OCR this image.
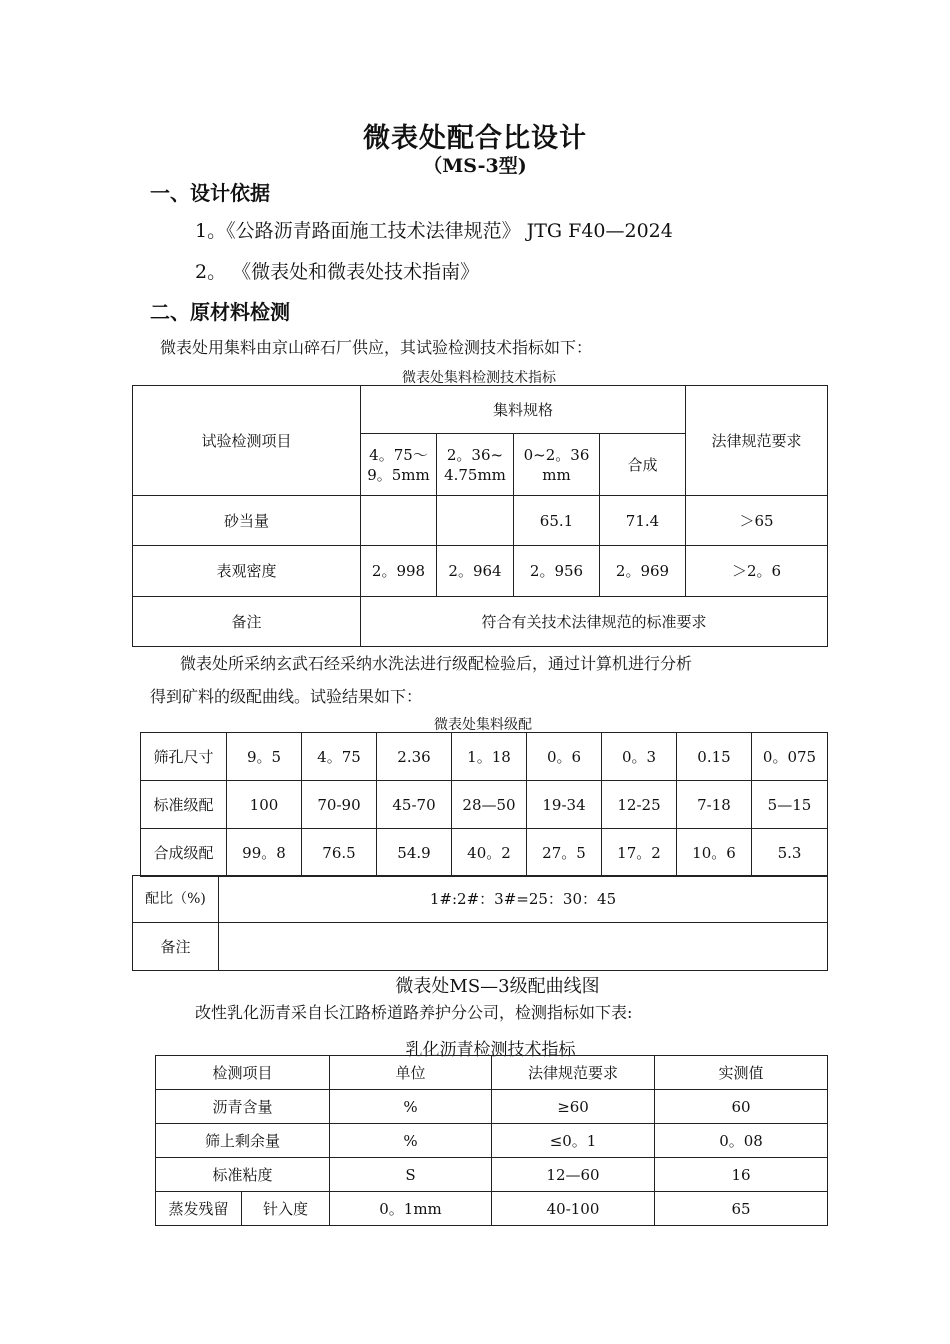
微表处配合比设计
（MS-3型)
一、设计依据
1。《公路沥青路面施工技术法律规范》 JTG F40—2024
2。 《微表处和微表处技术指南》
二、原材料检测
微表处用集料由京山碎石厂供应，其试验检测技术指标如下：
微表处集料检测技术指标
试验检测项目	集料规格				法律规范要求
	4。75～9。5mm	2。36~4.75mm	0~2。36mm	合成	
砂当量			65.1	71.4	＞65
表观密度	2。998	2。964	2。956	2。969	＞2。6
备注	符合有关技术法律规范的标准要求				
微表处所采纳玄武石经采纳水洗法进行级配检验后，通过计算机进行分析
得到矿料的级配曲线。试验结果如下：
微表处集料级配
筛孔尺寸	9。5	4。75	2.36	1。18	0。6	0。3	0.15	0。075
标准级配	100	70-90	45-70	28—50	19-34	12-25	7-18	5—15
合成级配	99。8	76.5	54.9	40。2	27。5	17。2	10。6	5.3
配比（%)	1#:2#：3#=25：30：45
备注	
微表处MS—3级配曲线图
改性乳化沥青采自长江路桥道路养护分公司，检测指标如下表:
乳化沥青检测技术指标
检测项目		单位	法律规范要求	实测值
沥青含量		%	≥60	60
筛上剩余量		%	≤0。1	0。08
标准粘度		S	12—60	16
蒸发残留	针入度	0。1mm	40-100	65
